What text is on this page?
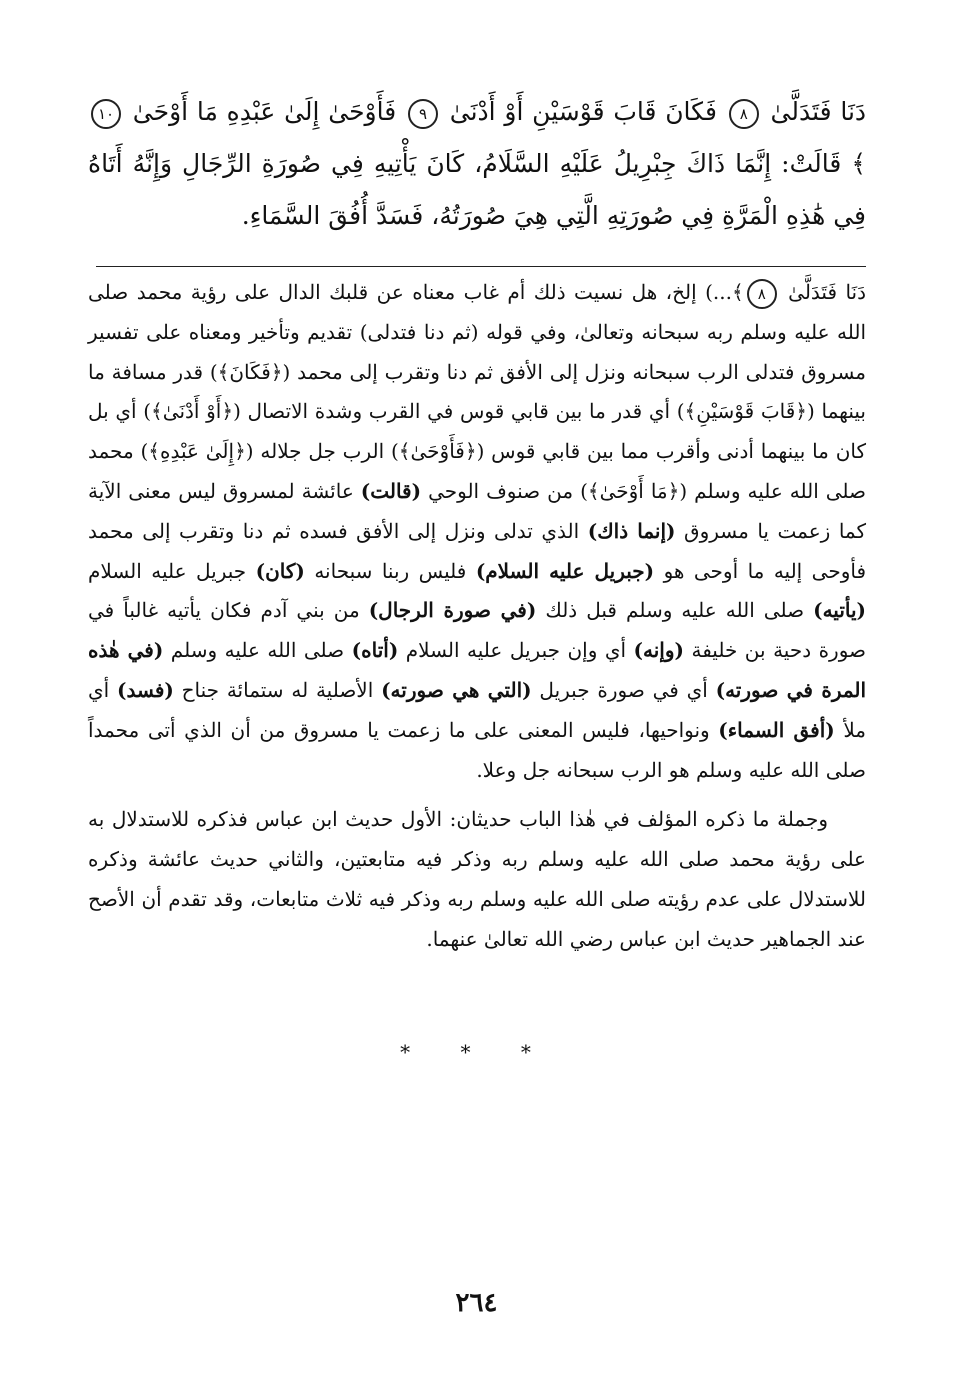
دَنَا فَتَدَلَّىٰ ٨ فَكَانَ قَابَ قَوْسَيْنِ أَوْ أَدْنَىٰ ٩ فَأَوْحَىٰ إِلَىٰ عَبْدِهِ مَا أَوْحَىٰ ١٠﴾ قَالَتْ: إِنَّمَا ذَاكَ جِبْرِيلُ عَلَيْهِ السَّلَامُ، كَانَ يَأْتِيهِ فِي صُورَةِ الرِّجَالِ وَإِنَّهُ أَتَاهُ فِي هَٰذِهِ الْمَرَّةِ فِي صُورَتِهِ الَّتِي هِيَ صُورَتُهُ، فَسَدَّ أُفُقَ السَّمَاءِ.

دَنَا فَتَدَلَّىٰ ٨﴾...) إلخ، هل نسيت ذلك أم غاب معناه عن قلبك الدال على رؤية محمد صلى الله عليه وسلم ربه سبحانه وتعالىٰ، وفي قوله (ثم دنا فتدلى) تقديم وتأخير ومعناه على تفسير مسروق فتدلى الرب سبحانه ونزل إلى الأفق ثم دنا وتقرب إلى محمد (﴿فَكَانَ﴾) قدر مسافة ما بينهما (﴿قَابَ قَوْسَيْنِ﴾) أي قدر ما بين قابي قوس في القرب وشدة الاتصال (﴿أَوْ أَدْنَىٰ﴾) أي بل كان ما بينهما أدنى وأقرب مما بين قابي قوس (﴿فَأَوْحَىٰ﴾) الرب جل جلاله (﴿إِلَىٰ عَبْدِهِ﴾) محمد صلى الله عليه وسلم (﴿مَا أَوْحَىٰ﴾) من صنوف الوحي (قالت) عائشة لمسروق ليس معنى الآية كما زعمت يا مسروق (إنما ذاك) الذي تدلى ونزل إلى الأفق فسده ثم دنا وتقرب إلى محمد فأوحى إليه ما أوحى هو (جبريل عليه السلام) فليس ربنا سبحانه (كان) جبريل عليه السلام (يأتيه) صلى الله عليه وسلم قبل ذلك (في صورة الرجال) من بني آدم فكان يأتيه غالباً في صورة دحية بن خليفة (وإنه) أي وإن جبريل عليه السلام (أتاه) صلى الله عليه وسلم (في هٰذه المرة في صورته) أي في صورة جبريل (التي هي صورته) الأصلية له ستمائة جناح (فسد) أي ملأ (أفق السماء) ونواحيها، فليس المعنى على ما زعمت يا مسروق من أن الذي أتى محمداً صلى الله عليه وسلم هو الرب سبحانه جل وعلا.

وجملة ما ذكره المؤلف في هٰذا الباب حديثان: الأول حديث ابن عباس فذكره للاستدلال به على رؤية محمد صلى الله عليه وسلم ربه وذكر فيه متابعتين، والثاني حديث عائشة وذكره للاستدلال على عدم رؤيته صلى الله عليه وسلم ربه وذكر فيه ثلاث متابعات، وقد تقدم أن الأصح عند الجماهير حديث ابن عباس رضي الله تعالىٰ عنهما.

* * *
٢٦٤
